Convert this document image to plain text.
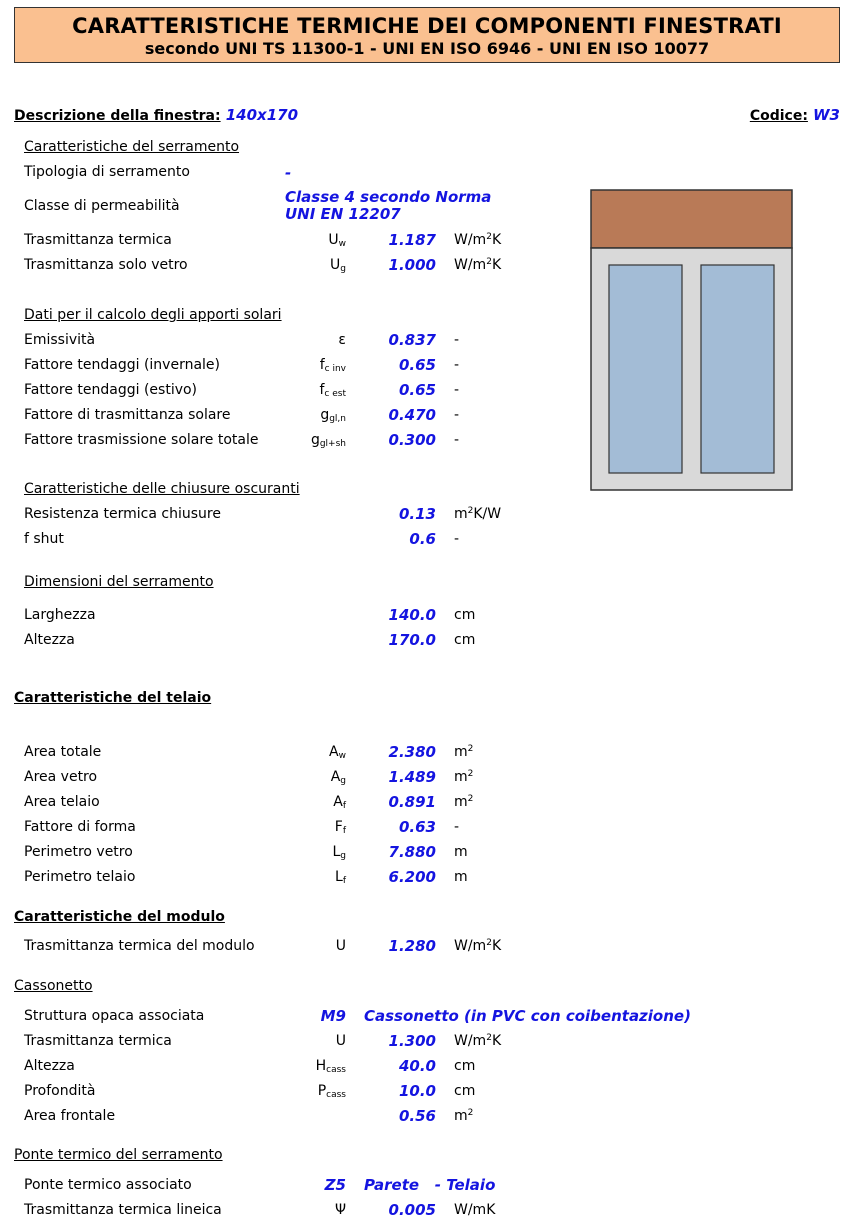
CARATTERISTICHE TERMICHE DEI COMPONENTI FINESTRATI
secondo UNI TS 11300-1 - UNI EN ISO 6946 - UNI EN ISO 10077
Descrizione della finestra: 140x170	Codice: W3
Caratteristiche del serramento
Tipologia di serramento	-
Classe di permeabilità	Classe 4 secondo Norma
UNI EN 12207
Trasmittanza termica	$U_w$	1.187 $W/m^2K$
Trasmittanza solo vetro	$U_g$	1.000 $W/m^2K$
Dati per il calcolo degli apporti solari
Emissività	ε	0.837 -
Fattore tendaggi (invernale)	$f_{c inv}$	0.65 -
Fattore tendaggi (estivo)	$f_{c est}$	0.65 -
Fattore di trasmittanza solare	$g_{gl,n}$	0.470 -
Fattore trasmissione solare totale	$g_{gl+sh}$	0.300 -
Caratteristiche delle chiusure oscuranti
Resistenza termica chiusure	0.13 $m^2K/W$
f shut	0.6 -
Dimensioni del serramento
Larghezza	140.0 cm
Altezza	170.0 cm
Caratteristiche del telaio
Area totale	$A_w$	2.380 $m^2$
Area vetro	$A_g$	1.489 $m^2$
Area telaio	$A_f$	0.891 $m^2$
Fattore di forma	$F_f$	0.63 -
Perimetro vetro	$L_g$	7.880 m
Perimetro telaio	$L_f$	6.200 m
Caratteristiche del modulo
Trasmittanza termica del modulo	U	1.280 $W/m^2K$
Cassonetto
Struttura opaca associata	M9 Cassonetto (in PVC con coibentazione)
Trasmittanza termica	U	1.300 $W/m^2K$
Altezza	$H_{cass}$	40.0 cm
Profondità	$P_{cass}$	10.0 cm
Area frontale	0.56 $m^2$
Ponte termico del serramento
Ponte termico associato	Z5 Parete - Telaio
Trasmittanza termica lineica	Ψ	0.005 W/mK
